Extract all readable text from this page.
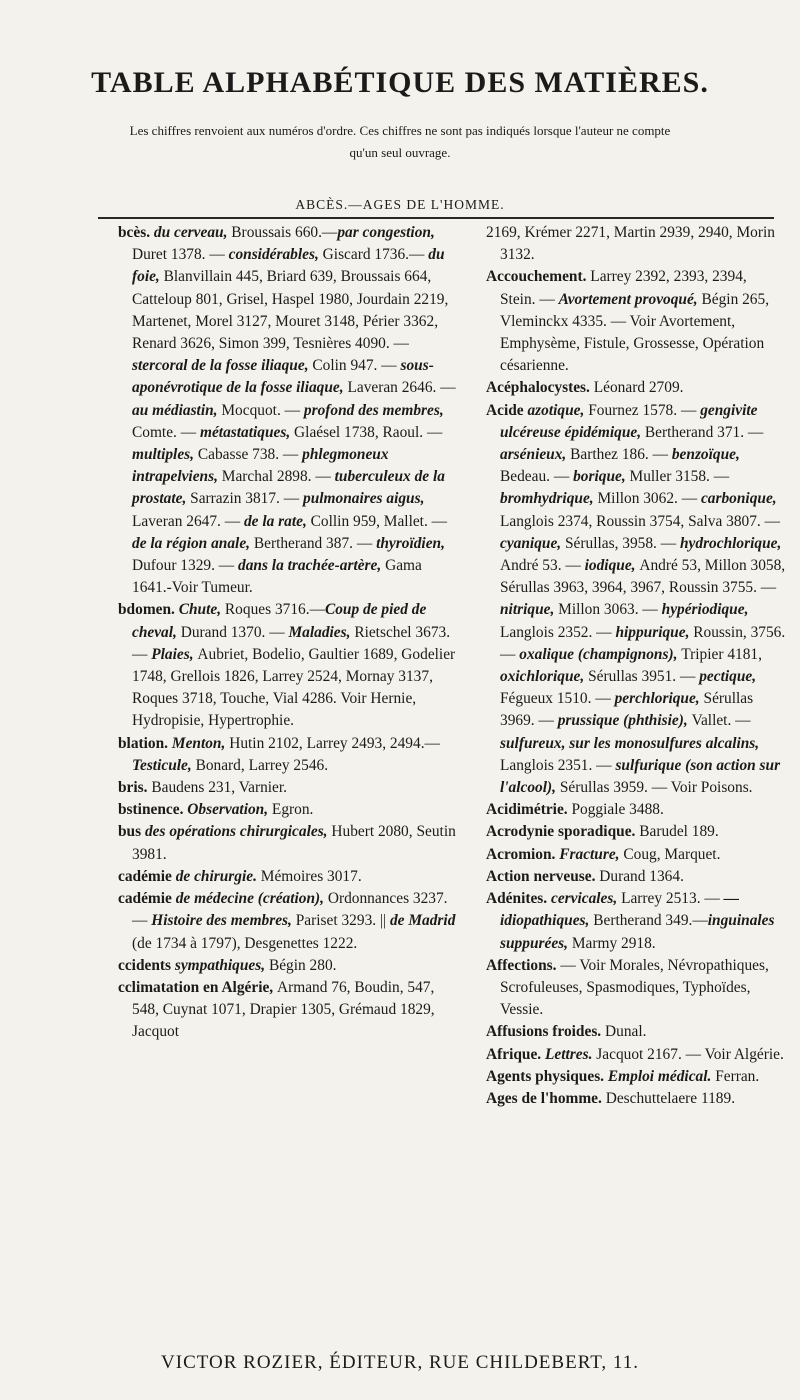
TABLE ALPHABÉTIQUE DES MATIÈRES.
Les chiffres renvoient aux numéros d'ordre. Ces chiffres ne sont pas indiqués lorsque l'auteur ne compte
qu'un seul ouvrage.
ABCÈS.—AGES DE L'HOMME.

bcès. du cerveau, Broussais 660.—par congestion, Duret 1378. — considérables, Giscard 1736.— du foie, Blanvillain 445, Briard 639, Broussais 664, Catteloup 801, Grisel, Haspel 1980, Jourdain 2219, Martenet, Morel 3127, Mouret 3148, Périer 3362, Renard 3626, Simon 399, Tesnières 4090. — stercoral de la fosse iliaque, Colin 947. — sous-aponévrotique de la fosse iliaque, Laveran 2646. — au médiastin, Mocquot. — profond des membres, Comte. — métastatiques, Glaésel 1738, Raoul. — multiples, Cabasse 738. — phlegmoneux intrapelviens, Marchal 2898. — tuberculeux de la prostate, Sarrazin 3817. — pulmonaires aigus, Laveran 2647. — de la rate, Collin 959, Mallet. — de la région anale, Bertherand 387. — thyroïdien, Dufour 1329. — dans la trachée-artère, Gama 1641.-Voir Tumeur.

bdomen. Chute, Roques 3716.—Coup de pied de cheval, Durand 1370. — Maladies, Rietschel 3673. — Plaies, Aubriet, Bodelio, Gaultier 1689, Godelier 1748, Grellois 1826, Larrey 2524, Mornay 3137, Roques 3718, Touche, Vial 4286. Voir Hernie, Hydropisie, Hypertrophie.

blation. Menton, Hutin 2102, Larrey 2493, 2494.— Testicule, Bonard, Larrey 2546.

bris. Baudens 231, Varnier.

bstinence. Observation, Egron.

bus des opérations chirurgicales, Hubert 2080, Seutin 3981.

cadémie de chirurgie. Mémoires 3017.

cadémie de médecine (création), Ordonnances 3237. — Histoire des membres, Pariset 3293. || de Madrid (de 1734 à 1797), Desgenettes 1222.

ccidents sympathiques, Bégin 280.

cclimatation en Algérie, Armand 76, Boudin, 547, 548, Cuynat 1071, Drapier 1305, Grémaud 1829, Jacquot

2169, Krémer 2271, Martin 2939, 2940, Morin 3132.

Accouchement. Larrey 2392, 2393, 2394, Stein. — Avortement provoqué, Bégin 265, Vleminckx 4335. — Voir Avortement, Emphysème, Fistule, Grossesse, Opération césarienne.

Acéphalocystes. Léonard 2709.

Acide azotique, Fournez 1578. — gengivite ulcéreuse épidémique, Bertherand 371. — arsénieux, Barthez 186. — benzoïque, Bedeau. — borique, Muller 3158. — bromhydrique, Millon 3062. — carbonique, Langlois 2374, Roussin 3754, Salva 3807. — cyanique, Sérullas, 3958. — hydrochlorique, André 53. — iodique, André 53, Millon 3058, Sérullas 3963, 3964, 3967, Roussin 3755. — nitrique, Millon 3063. — hypériodique, Langlois 2352. — hippurique, Roussin, 3756. — oxalique (champignons), Tripier 4181, oxichlorique, Sérullas 3951. — pectique, Fégueux 1510. — perchlorique, Sérullas 3969. — prussique (phthisie), Vallet. — sulfureux, sur les monosulfures alcalins, Langlois 2351. — sulfurique (son action sur l'alcool), Sérullas 3959. — Voir Poisons.

Acidimétrie. Poggiale 3488.

Acrodynie sporadique. Barudel 189.

Acromion. Fracture, Coug, Marquet.

Action nerveuse. Durand 1364.

Adénites. cervicales, Larrey 2513. — —idiopathiques, Bertherand 349.—inguinales suppurées, Marmy 2918.

Affections. — Voir Morales, Névropathiques, Scrofuleuses, Spasmodiques, Typhoïdes, Vessie.

Affusions froides. Dunal.

Afrique. Lettres. Jacquot 2167. — Voir Algérie.

Agents physiques. Emploi médical. Ferran.

Ages de l'homme. Deschuttelaere 1189.

VICTOR ROZIER, ÉDITEUR, RUE CHILDEBERT, 11.
